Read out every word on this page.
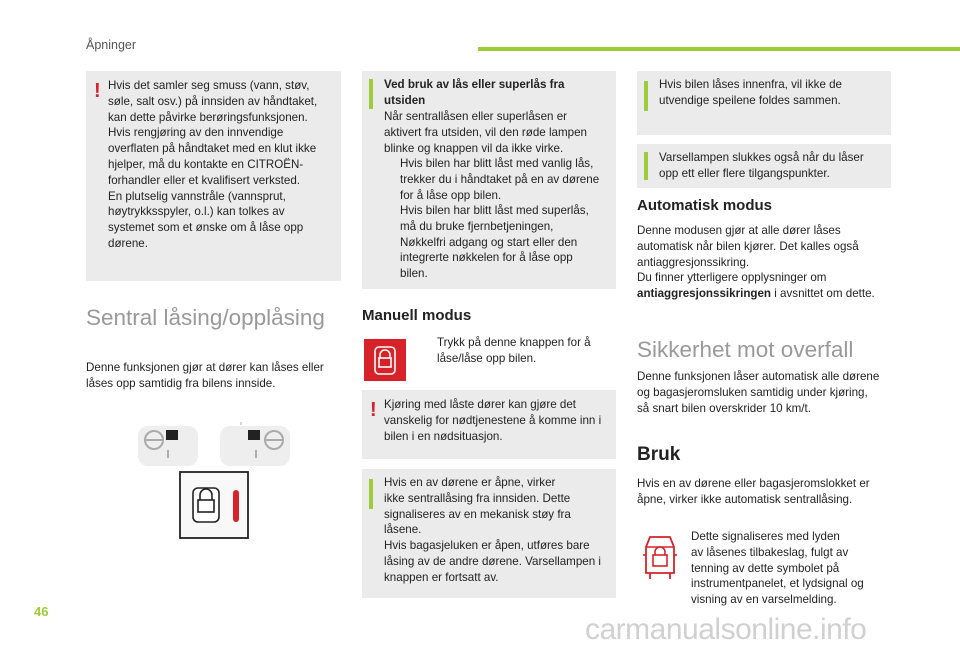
Åpninger
! Hvis det samler seg smuss (vann, støv,
søle, salt osv.) på innsiden av håndtaket,
kan dette påvirke berøringsfunksjonen.
Hvis rengjøring av den innvendige
overflaten på håndtaket med en klut ikke
hjelper, må du kontakte en CITROËN-
forhandler eller et kvalifisert verksted.
En plutselig vannstråle (vannsprut,
høytrykksspyler, o.l.) kan tolkes av
systemet som et ønske om å låse opp
dørene.
Sentral låsing/opplåsing
Denne funksjonen gjør at dører kan låses eller
låses opp samtidig fra bilens innside.
Ved bruk av lås eller superlås fra
utsiden
Når sentrallåsen eller superlåsen er
aktivert fra utsiden, vil den røde lampen
blinke og knappen vil da ikke virke.
Hvis bilen har blitt låst med vanlig lås,
trekker du i håndtaket på en av dørene
for å låse opp bilen.
Hvis bilen har blitt låst med superlås,
må du bruke fjernbetjeningen,
Nøkkelfri adgang og start eller den
integrerte nøkkelen for å låse opp
bilen.
Manuell modus
Trykk på denne knappen for å
låse/låse opp bilen.
! Kjøring med låste dører kan gjøre det
vanskelig for nødtjenestene å komme inn i
bilen i en nødsituasjon.
Hvis en av dørene er åpne, virker
ikke sentrallåsing fra innsiden. Dette
signaliseres av en mekanisk støy fra
låsene.
Hvis bagasjeluken er åpen, utføres bare
låsing av de andre dørene. Varsellampen i
knappen er fortsatt av.
Hvis bilen låses innenfra, vil ikke de
utvendige speilene foldes sammen.
Varsellampen slukkes også når du låser
opp ett eller flere tilgangspunkter.
Automatisk modus
Denne modusen gjør at alle dører låses
automatisk når bilen kjører. Det kalles også
antiaggresjonssikring.
Du finner ytterligere opplysninger om
antiaggresjonssikringen i avsnittet om dette.
Sikkerhet mot overfall
Denne funksjonen låser automatisk alle dørene
og bagasjeromsluken samtidig under kjøring,
så snart bilen overskrider 10 km/t.
Bruk
Hvis en av dørene eller bagasjeromslokket er
åpne, virker ikke automatisk sentrallåsing.
Dette signaliseres med lyden
av låsenes tilbakeslag, fulgt av
tenning av dette symbolet på
instrumentpanelet, et lydsignal og
visning av en varselmelding.
46
carmanualsonline.info
